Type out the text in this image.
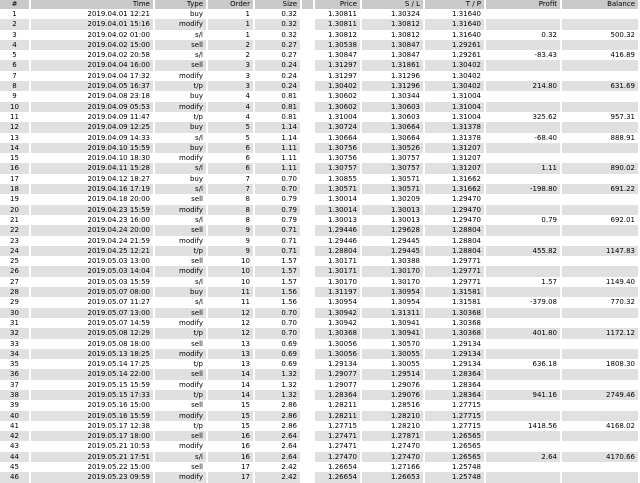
#	Time	Type	Order	Size		Price	S / L	T / P	Profit	Balance
1	2019.04.01 12:21	buy	1	0.32		1.30811	1.30324	1.31640		
2	2019.04.01 15:16	modify	1	0.32		1.30811	1.30812	1.31640		
3	2019.04.02 01:00	s/l	1	0.32		1.30812	1.30812	1.31640	0.32	500.32
4	2019.04.02 15:00	sell	2	0.27		1.30538	1.30847	1.29261		
5	2019.04.02 20:58	s/l	2	0.27		1.30847	1.30847	1.29261	-83.43	416.89
6	2019.04.04 16:00	sell	3	0.24		1.31297	1.31861	1.30402		
7	2019.04.04 17:32	modify	3	0.24		1.31297	1.31296	1.30402		
8	2019.04.05 16:37	t/p	3	0.24		1.30402	1.31296	1.30402	214.80	631.69
9	2019.04.08 23:18	buy	4	0.81		1.30602	1.30344	1.31004		
10	2019.04.09 05:53	modify	4	0.81		1.30602	1.30603	1.31004		
11	2019.04.09 11:47	t/p	4	0.81		1.31004	1.30603	1.31004	325.62	957.31
12	2019.04.09 12:25	buy	5	1.14		1.30724	1.30664	1.31378		
13	2019.04.09 14:33	s/l	5	1.14		1.30664	1.30664	1.31378	-68.40	888.91
14	2019.04.10 15:59	buy	6	1.11		1.30756	1.30526	1.31207		
15	2019.04.10 18:30	modify	6	1.11		1.30756	1.30757	1.31207		
16	2019.04.11 15:28	s/l	6	1.11		1.30757	1.30757	1.31207	1.11	890.02
17	2019.04.12 18:27	buy	7	0.70		1.30855	1.30571	1.31662		
18	2019.04.16 17:19	s/l	7	0.70		1.30571	1.30571	1.31662	-198.80	691.22
19	2019.04.18 20:00	sell	8	0.79		1.30014	1.30209	1.29470		
20	2019.04.23 15:59	modify	8	0.79		1.30014	1.30013	1.29470		
21	2019.04.23 16:00	s/l	8	0.79		1.30013	1.30013	1.29470	0.79	692.01
22	2019.04.24 20:00	sell	9	0.71		1.29446	1.29628	1.28804		
23	2019.04.24 21:59	modify	9	0.71		1.29446	1.29445	1.28804		
24	2019.04.25 12:21	t/p	9	0.71		1.28804	1.29445	1.28804	455.82	1147.83
25	2019.05.03 13:00	sell	10	1.57		1.30171	1.30388	1.29771		
26	2019.05.03 14:04	modify	10	1.57		1.30171	1.30170	1.29771		
27	2019.05.03 15:59	s/l	10	1.57		1.30170	1.30170	1.29771	1.57	1149.40
28	2019.05.07 08:00	buy	11	1.56		1.31197	1.30954	1.31581		
29	2019.05.07 11:27	s/l	11	1.56		1.30954	1.30954	1.31581	-379.08	770.32
30	2019.05.07 13:00	sell	12	0.70		1.30942	1.31311	1.30368		
31	2019.05.07 14:59	modify	12	0.70		1.30942	1.30941	1.30368		
32	2019.05.08 12:29	t/p	12	0.70		1.30368	1.30941	1.30368	401.80	1172.12
33	2019.05.08 18:00	sell	13	0.69		1.30056	1.30570	1.29134		
34	2019.05.13 18:25	modify	13	0.69		1.30056	1.30055	1.29134		
35	2019.05.14 17:25	t/p	13	0.69		1.29134	1.30055	1.29134	636.18	1808.30
36	2019.05.14 22:00	sell	14	1.32		1.29077	1.29514	1.28364		
37	2019.05.15 15:59	modify	14	1.32		1.29077	1.29076	1.28364		
38	2019.05.15 17:33	t/p	14	1.32		1.28364	1.29076	1.28364	941.16	2749.46
39	2019.05.16 15:00	sell	15	2.86		1.28211	1.28516	1.27715		
40	2019.05.16 15:59	modify	15	2.86		1.28211	1.28210	1.27715		
41	2019.05.17 12:38	t/p	15	2.86		1.27715	1.28210	1.27715	1418.56	4168.02
42	2019.05.17 18:00	sell	16	2.64		1.27471	1.27871	1.26565		
43	2019.05.21 10:53	modify	16	2.64		1.27471	1.27470	1.26565		
44	2019.05.21 17:51	s/l	16	2.64		1.27470	1.27470	1.26565	2.64	4170.66
45	2019.05.22 15:00	sell	17	2.42		1.26654	1.27166	1.25748		
46	2019.05.23 09:59	modify	17	2.42		1.26654	1.26653	1.25748		
